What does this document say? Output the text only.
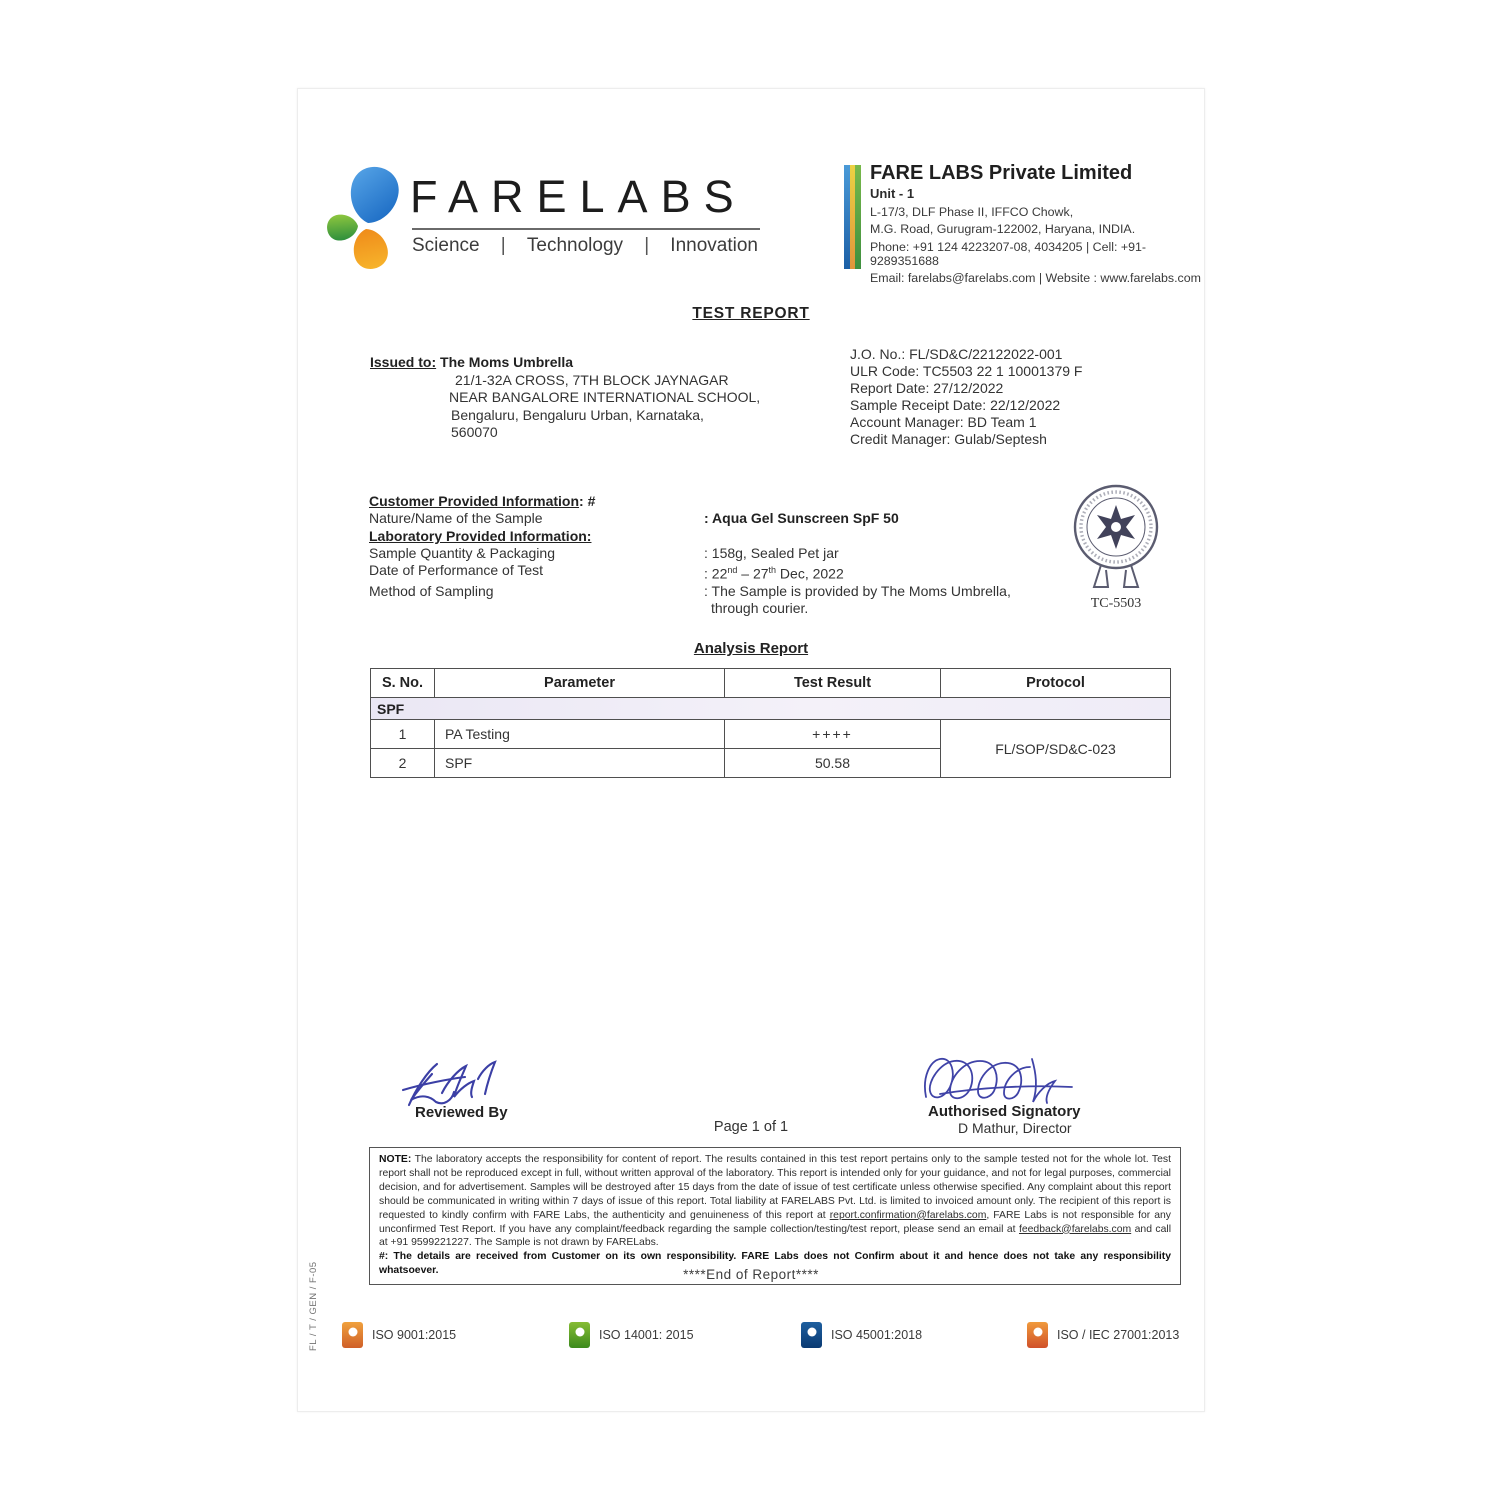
FARELABS
Science | Technology | Innovation
FARE LABS Private Limited
Unit - 1
L-17/3, DLF Phase II, IFFCO Chowk,
M.G. Road, Gurugram-122002, Haryana, INDIA.
Phone: +91 124 4223207-08, 4034205 | Cell: +91-9289351688
Email: farelabs@farelabs.com | Website : www.farelabs.com
TEST REPORT
Issued to: The Moms Umbrella
21/1-32A CROSS, 7TH BLOCK JAYNAGAR
NEAR BANGALORE INTERNATIONAL SCHOOL,
Bengaluru, Bengaluru Urban, Karnataka,
560070
J.O. No.: FL/SD&C/22122022-001
ULR Code: TC5503 22 1 10001379 F
Report Date: 27/12/2022
Sample Receipt Date: 22/12/2022
Account Manager: BD Team 1
Credit Manager: Gulab/Septesh
Customer Provided Information: #
Nature/Name of the Sample	: Aqua Gel Sunscreen SpF 50
Laboratory Provided Information:
Sample Quantity & Packaging	: 158g, Sealed Pet jar
Date of Performance of Test	: 22nd – 27th Dec, 2022
Method of Sampling	: The Sample is provided by The Moms Umbrella,
through courier.	TC-5503
Analysis Report
S. No.	Parameter	Test Result	Protocol
SPF			
1	PA Testing	++++	FL/SOP/SD&C-023
2	SPF	50.58	
Reviewed By
Page 1 of 1
Authorised Signatory
D Mathur, Director
NOTE: The laboratory accepts the responsibility for content of report. The results contained in this test report pertains only to the sample tested not for the whole lot. Test report shall not be reproduced except in full, without written approval of the laboratory. This report is intended only for your guidance, and not for legal purposes, commercial decision, and for advertisement. Samples will be destroyed after 15 days from the date of issue of test certificate unless otherwise specified. Any complaint about this report should be communicated in writing within 7 days of issue of this report. Total liability at FARELABS Pvt. Ltd. is limited to invoiced amount only. The recipient of this report is requested to kindly confirm with FARE Labs, the authenticity and genuineness of this report at report.confirmation@farelabs.com, FARE Labs is not responsible for any unconfirmed Test Report. If you have any complaint/feedback regarding the sample collection/testing/test report, please send an email at feedback@farelabs.com and call at +91 9599221227. The Sample is not drawn by FARELabs.
#: The details are received from Customer on its own responsibility. FARE Labs does not Confirm about it and hence does not take any responsibility whatsoever.	****End of Report****
FL / T / GEN / F-05	ISO 9001:2015	ISO 14001: 2015	ISO 45001:2018	ISO / IEC 27001:2013
